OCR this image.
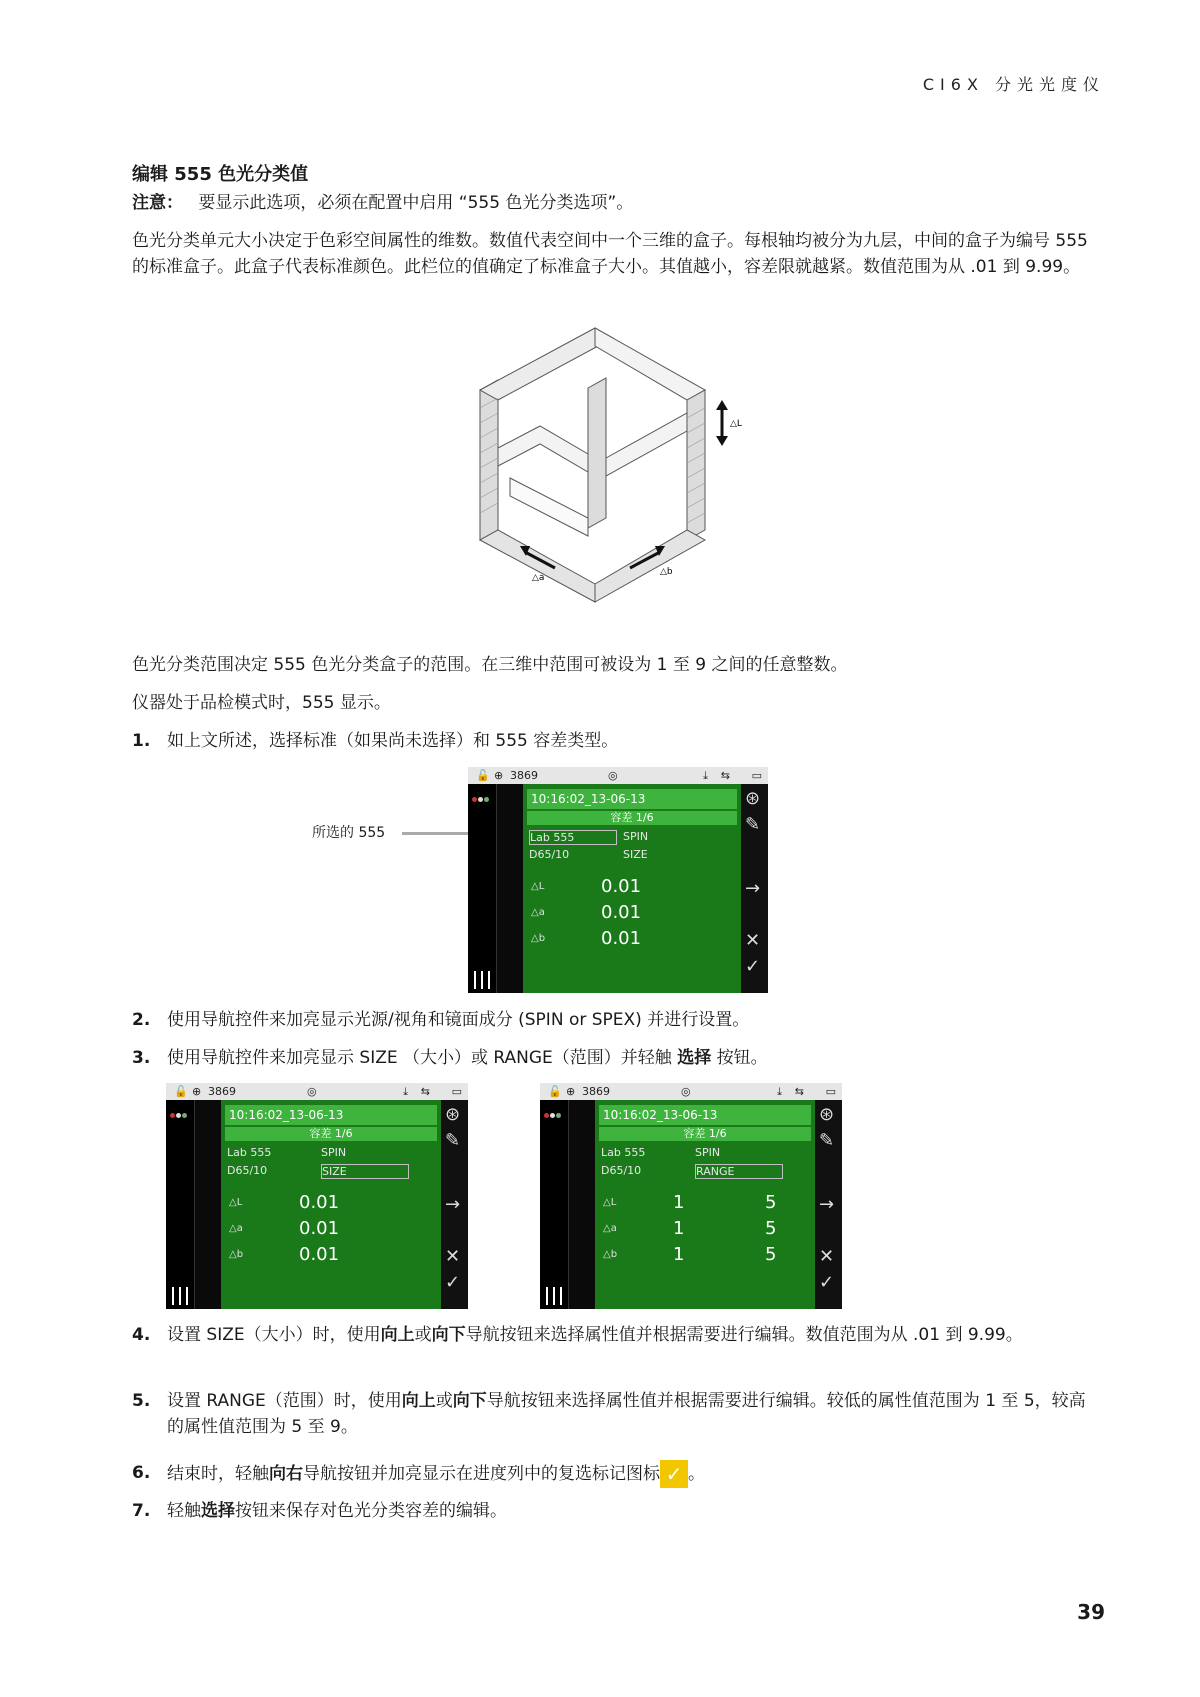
CI6X 分光光度仪
编辑 555 色光分类值
注意： 要显示此选项，必须在配置中启用 “555 色光分类选项”。
色光分类单元大小决定于色彩空间属性的维数。数值代表空间中一个三维的盒子。每根轴均被分为九层，中间的盒子为编号 555 的标准盒子。此盒子代表标准颜色。此栏位的值确定了标准盒子大小。其值越小，容差限就越紧。数值范围为从 .01 到 9.99。
△L
△a
△b
色光分类范围决定 555 色光分类盒子的范围。在三维中范围可被设为 1 至 9 之间的任意整数。
仪器处于品检模式时，555 显示。
1. 如上文所述，选择标准（如果尚未选择）和 555 容差类型。
所选的 555
🔓 ⊕ 3869	◎	⤓ ⇆ ▭
10:16:02_13-06-13
容差 1/6
Lab 555	SPIN
D65/10	SIZE
△L	0.01
△a	0.01
△b	0.01
⊛
✎
→
✕
✓
🔓 ⊕ 3869	◎	⤓ ⇆ ▭
10:16:02_13-06-13
容差 1/6
Lab 555	SPIN
D65/10	SIZE
△L	0.01
△a	0.01
△b	0.01
⊛
✎
→
✕
✓
🔓 ⊕ 3869	◎	⤓ ⇆ ▭
10:16:02_13-06-13
容差 1/6
Lab 555	SPIN
D65/10	RANGE
△L	1	5
△a	1	5
△b	1	5
⊛
✎
→
✕
✓
2. 使用导航控件来加亮显示光源/视角和镜面成分 (SPIN or SPEX) 并进行设置。
3. 使用导航控件来加亮显示 SIZE （大小）或 RANGE（范围）并轻触 选择 按钮。
4. 设置 SIZE（大小）时，使用向上或向下导航按钮来选择属性值并根据需要进行编辑。数值范围为从 .01 到 9.99。
5. 设置 RANGE（范围）时，使用向上或向下导航按钮来选择属性值并根据需要进行编辑。较低的属性值范围为 1 至 5，较高的属性值范围为 5 至 9。
6. 结束时，轻触向右导航按钮并加亮显示在进度列中的复选标记图标 ✓ 。
7. 轻触选择按钮来保存对色光分类容差的编辑。
39
